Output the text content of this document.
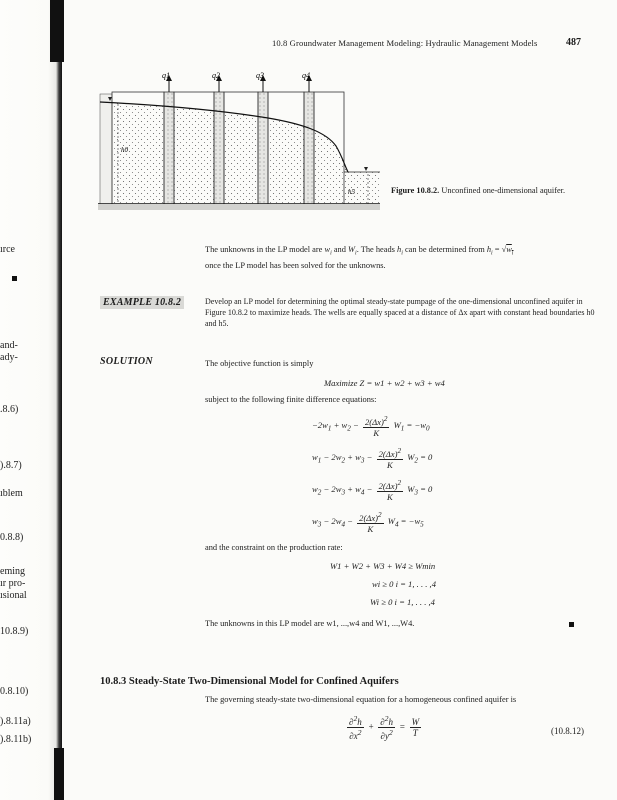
ırce
and-
ady-
.8.6)
).8.7)
ıblem
0.8.8)
eming
ır pro-
ısional
10.8.9)
0.8.10)
).8.11a)
).8.11b)
10.8 Groundwater Management Modeling: Hydraulic Management Models	487
q1	q2	q3	q4
h0
h5	Figure 10.8.2. Unconfined one-dimensional aquifer.
The unknowns in the LP model are $w_i$ and $W_i$. The heads $h_i$ can be determined from $h_i = √w_i$
once the LP model has been solved for the unknowns.
EXAMPLE 10.8.2	Develop an LP model for determining the optimal steady-state pumpage of the one-dimensional unconfined aquifer in Figure 10.8.2 to maximize heads. The wells are equally spaced at a distance of Δx apart with constant head boundaries h0 and h5.
SOLUTION	The objective function is simply
Maximize Z = w1 + w2 + w3 + w4
subject to the following finite difference equations:
$-2w_1 + w_2 - \frac{2(\Delta x)^2}{K} W_1 = -w_0$
$w_1 - 2w_2 + w_3 - \frac{2(\Delta x)^2}{K} W_2 = 0$
$w_2 - 2w_3 + w_4 - \frac{2(\Delta x)^2}{K} W_3 = 0$
$w_3 - 2w_4 - \frac{2(\Delta x)^2}{K} W_4 = -w_5$
and the constraint on the production rate:
W1 + W2 + W3 + W4 ≥ Wmin
wi ≥ 0 i = 1, . . . ,4
Wi ≥ 0 i = 1, . . . ,4
The unknowns in this LP model are w1, ...,w4 and W1, ...,W4.
10.8.3 Steady-State Two-Dimensional Model for Confined Aquifers
The governing steady-state two-dimensional equation for a homogeneous confined aquifer is
$\frac{\partial^2h}{\partial x^2} + \frac{\partial^2h}{\partial y^2} = \frac{W}{T}$	(10.8.12)
